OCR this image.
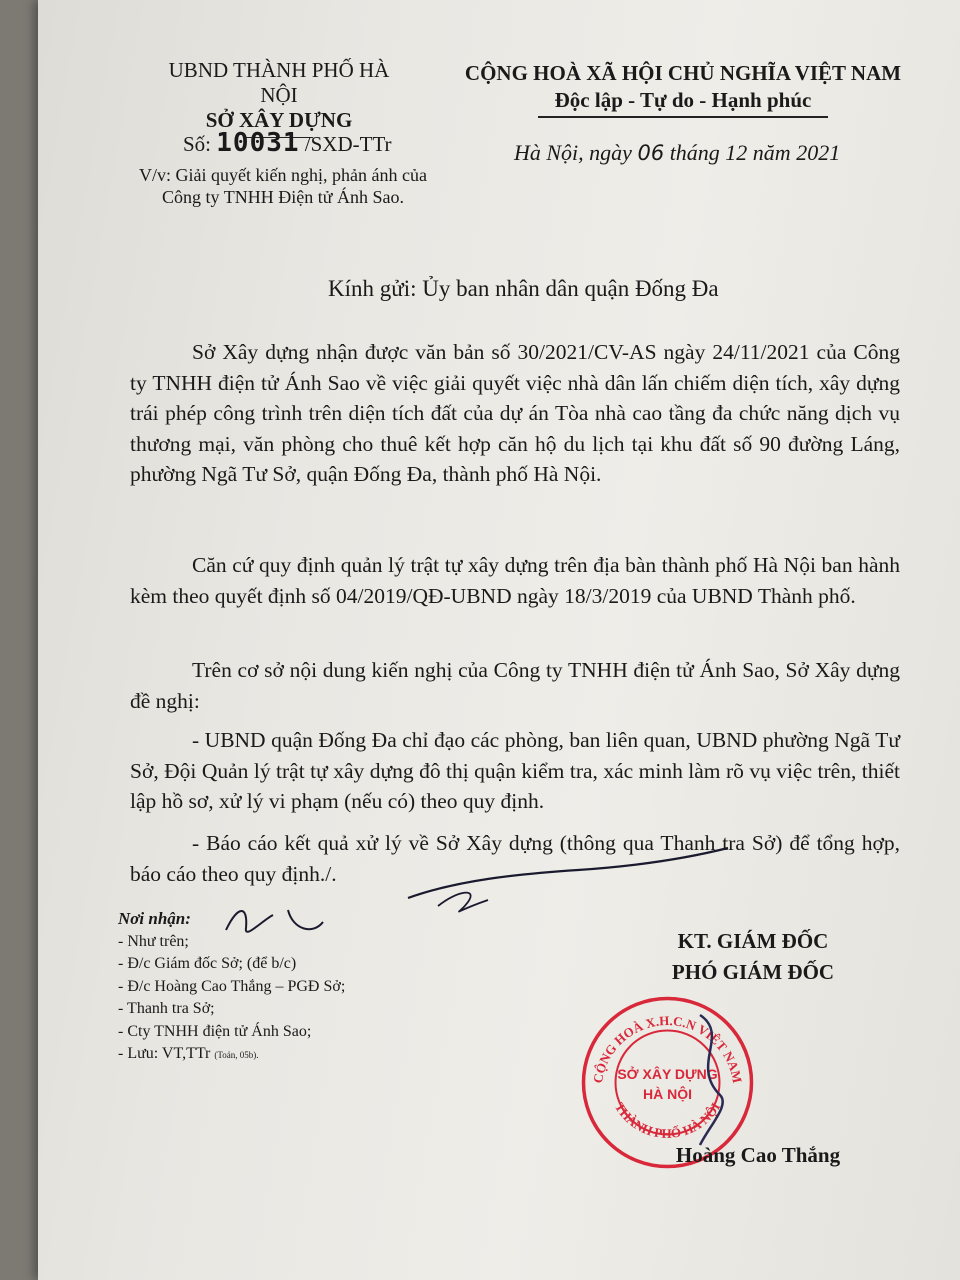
UBND THÀNH PHỐ HÀ NỘI
SỞ XÂY DỰNG
CỘNG HOÀ XÃ HỘI CHỦ NGHĨA VIỆT NAM
Độc lập - Tự do - Hạnh phúc
Số: 10031 /SXD-TTr
V/v: Giải quyết kiến nghị, phản ánh của Công ty TNHH Điện tử Ánh Sao.
Hà Nội, ngày 06 tháng 12 năm 2021
Kính gửi: Ủy ban nhân dân quận Đống Đa

Sở Xây dựng nhận được văn bản số 30/2021/CV-AS ngày 24/11/2021 của Công ty TNHH điện tử Ánh Sao về việc giải quyết việc nhà dân lấn chiếm diện tích, xây dựng trái phép công trình trên diện tích đất của dự án Tòa nhà cao tầng đa chức năng dịch vụ thương mại, văn phòng cho thuê kết hợp căn hộ du lịch tại khu đất số 90 đường Láng, phường Ngã Tư Sở, quận Đống Đa, thành phố Hà Nội.

Căn cứ quy định quản lý trật tự xây dựng trên địa bàn thành phố Hà Nội ban hành kèm theo quyết định số 04/2019/QĐ-UBND ngày 18/3/2019 của UBND Thành phố.

Trên cơ sở nội dung kiến nghị của Công ty TNHH điện tử Ánh Sao, Sở Xây dựng đề nghị:

- UBND quận Đống Đa chỉ đạo các phòng, ban liên quan, UBND phường Ngã Tư Sở, Đội Quản lý trật tự xây dựng đô thị quận kiểm tra, xác minh làm rõ vụ việc trên, thiết lập hồ sơ, xử lý vi phạm (nếu có) theo quy định.

- Báo cáo kết quả xử lý về Sở Xây dựng (thông qua Thanh tra Sở) để tổng hợp, báo cáo theo quy định./.

Nơi nhận:
- Như trên;
- Đ/c Giám đốc Sở; (để b/c)
- Đ/c Hoàng Cao Thắng – PGĐ Sở;
- Thanh tra Sở;
- Cty TNHH điện tử Ánh Sao;
- Lưu: VT,TTr (Toản, 05b).
KT. GIÁM ĐỐC
PHÓ GIÁM ĐỐC
CỘNG HOÀ X.H.C.N VIỆT NAM
THÀNH PHỐ HÀ NỘI
SỞ XÂY DỰNG
HÀ NỘI
Hoàng Cao Thắng
